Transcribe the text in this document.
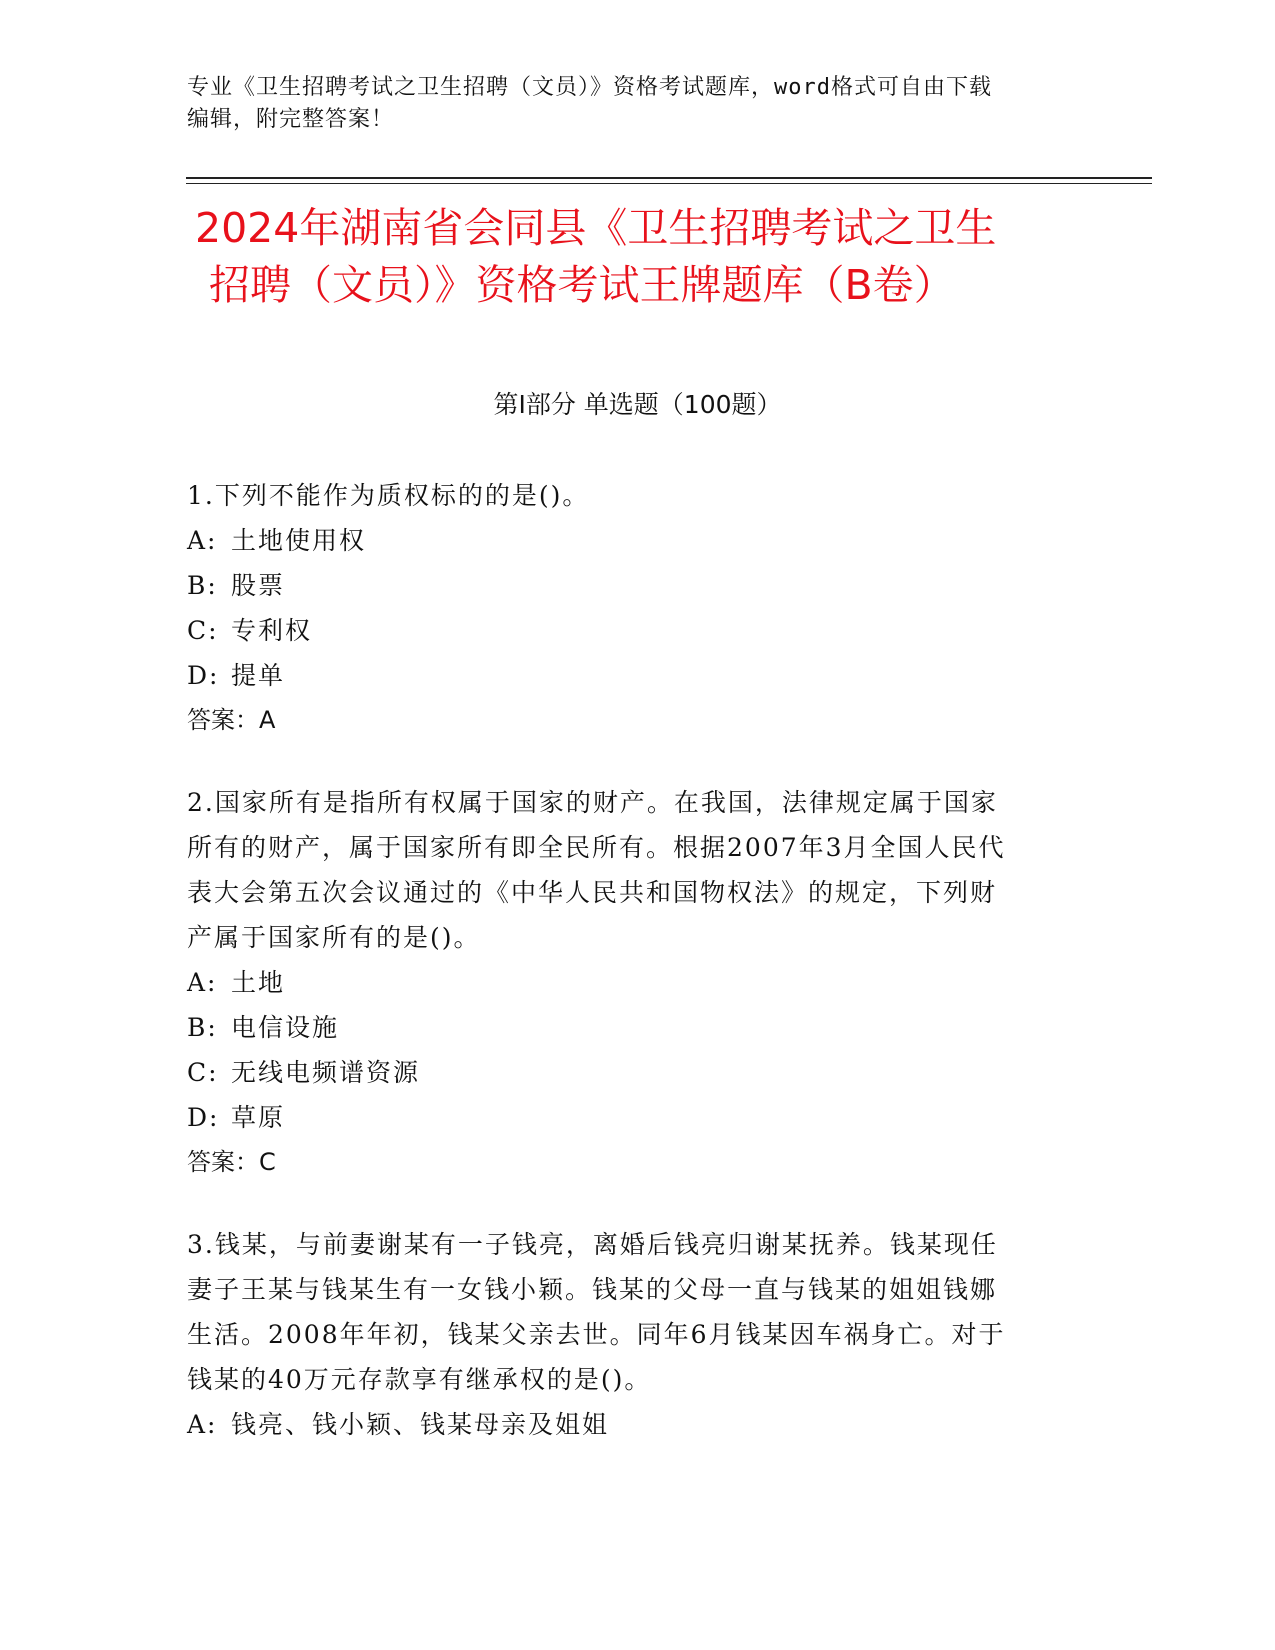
专业《卫生招聘考试之卫生招聘（文员）》资格考试题库，word格式可自由下载
编辑，附完整答案！
2024年湖南省会同县《卫生招聘考试之卫生
招聘（文员）》资格考试王牌题库（B卷）
第Ⅰ部分 单选题（100题）

1.下列不能作为质权标的的是()。

A: 土地使用权

B: 股票

C: 专利权

D: 提单

答案：A

2.国家所有是指所有权属于国家的财产。在我国，法律规定属于国家

所有的财产，属于国家所有即全民所有。根据2007年3月全国人民代

表大会第五次会议通过的《中华人民共和国物权法》的规定，下列财

产属于国家所有的是()。

A: 土地

B: 电信设施

C: 无线电频谱资源

D: 草原

答案：C

3.钱某，与前妻谢某有一子钱亮，离婚后钱亮归谢某抚养。钱某现任

妻子王某与钱某生有一女钱小颖。钱某的父母一直与钱某的姐姐钱娜

生活。2008年年初，钱某父亲去世。同年6月钱某因车祸身亡。对于

钱某的40万元存款享有继承权的是()。

A: 钱亮、钱小颖、钱某母亲及姐姐
